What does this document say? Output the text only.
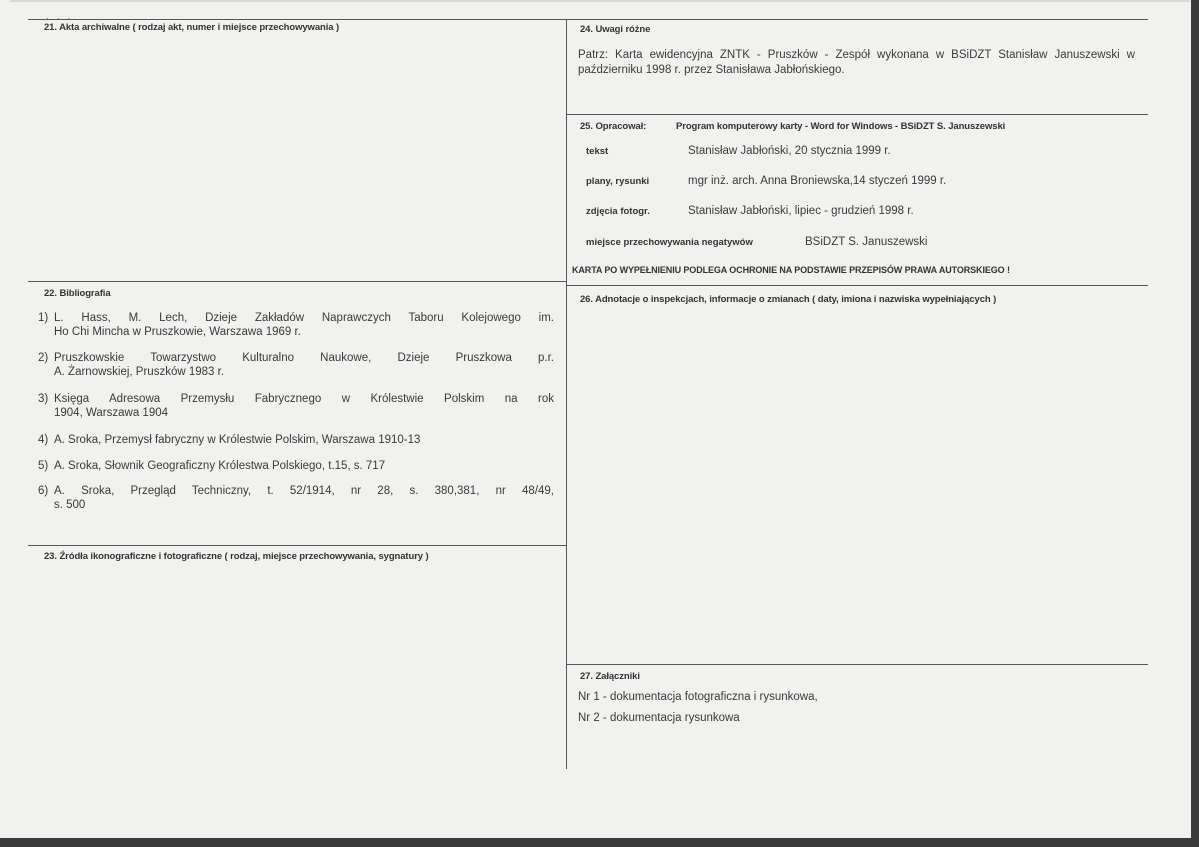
· · ·
21. Akta archiwalne ( rodzaj akt, numer i miejsce przechowywania )	24. Uwagi różne
Patrz: Karta ewidencyjna ZNTK - Pruszków - Zespół wykonana w BSiDZT Stanisław Januszewski w październiku 1998 r. przez Stanisława Jabłońskiego.
25. Opracował:	Program komputerowy karty - Word for Windows - BSiDZT S. Januszewski
tekst	Stanisław Jabłoński, 20 stycznia 1999 r.
plany, rysunki	mgr inż. arch. Anna Broniewska,14 styczeń 1999 r.
zdjęcia fotogr.	Stanisław Jabłoński, lipiec - grudzień 1998 r.
miejsce przechowywania negatywów	BSiDZT S. Januszewski
KARTA PO WYPEŁNIENIU PODLEGA OCHRONIE NA PODSTAWIE PRZEPISÓW PRAWA AUTORSKIEGO !
22. Bibliografia
1) L. Hass, M. Lech, Dzieje Zakładów Naprawczych Taboru Kolejowego im.
Ho Chi Mincha w Pruszkowie, Warszawa 1969 r.
2) Pruszkowskie Towarzystwo Kulturalno Naukowe, Dzieje Pruszkowa p.r.
A. Żarnowskiej, Pruszków 1983 r.
3) Księga Adresowa Przemysłu Fabrycznego w Królestwie Polskim na rok
1904, Warszawa 1904
4) A. Sroka, Przemysł fabryczny w Królestwie Polskim, Warszawa 1910-13
5) A. Sroka, Słownik Geograficzny Królestwa Polskiego, t.15, s. 717
6) A. Sroka, Przegląd Techniczny, t. 52/1914, nr 28, s. 380,381, nr 48/49,
s. 500
26. Adnotacje o inspekcjach, informacje o zmianach ( daty, imiona i nazwiska wypełniających )
23. Źródła ikonograficzne i fotograficzne ( rodzaj, miejsce przechowywania, sygnatury )
27. Załączniki
Nr 1 - dokumentacja fotograficzna i rysunkowa,
Nr 2 - dokumentacja rysunkowa
